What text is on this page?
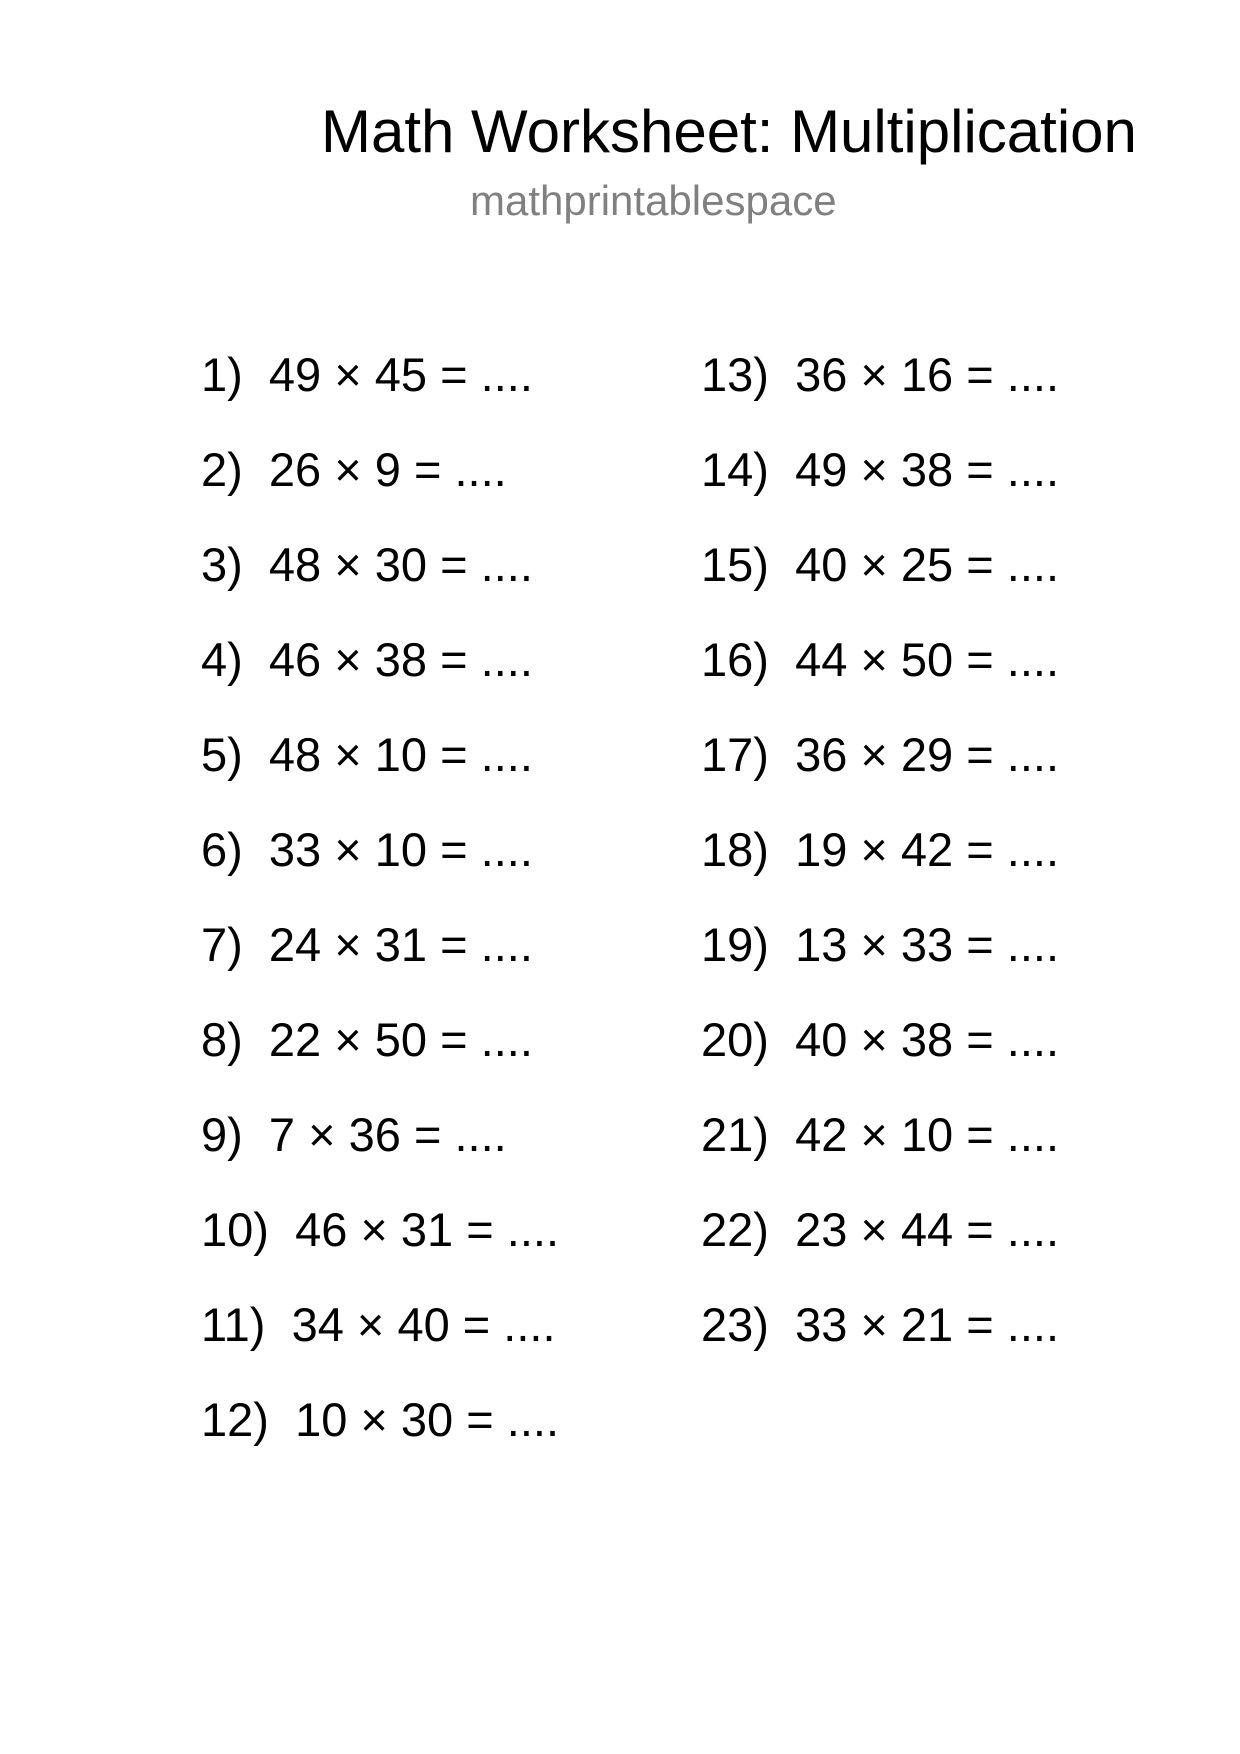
Math Worksheet: Multiplication
mathprintablespace
1) 49 × 45 = ....
2) 26 × 9 = ....
3) 48 × 30 = ....
4) 46 × 38 = ....
5) 48 × 10 = ....
6) 33 × 10 = ....
7) 24 × 31 = ....
8) 22 × 50 = ....
9) 7 × 36 = ....
10) 46 × 31 = ....
11) 34 × 40 = ....
12) 10 × 30 = ....
13) 36 × 16 = ....
14) 49 × 38 = ....
15) 40 × 25 = ....
16) 44 × 50 = ....
17) 36 × 29 = ....
18) 19 × 42 = ....
19) 13 × 33 = ....
20) 40 × 38 = ....
21) 42 × 10 = ....
22) 23 × 44 = ....
23) 33 × 21 = ....
